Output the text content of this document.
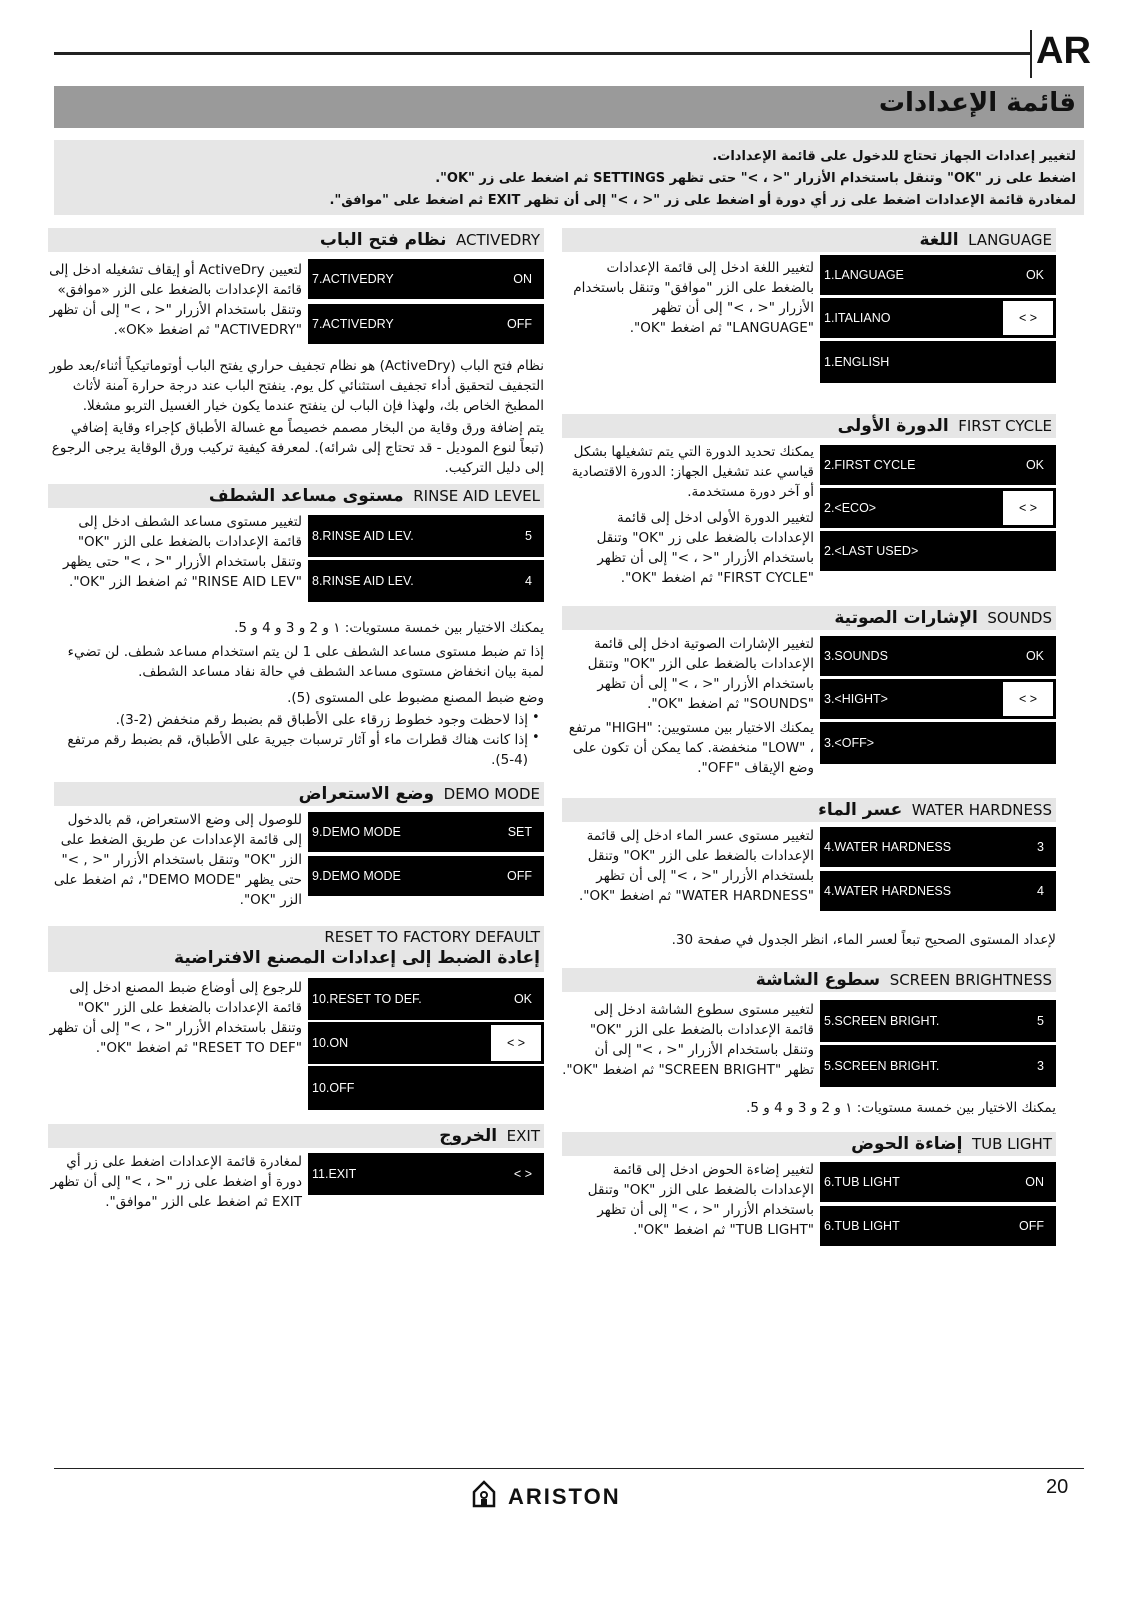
AR
قائمة الإعدادات
لتغيير إعدادات الجهاز تحتاج للدخول على قائمة الإعدادات.
اضغط على زر "OK" وتنقل باستخدام الأزرار "< ، >" حتى تظهر SETTINGS ثم اضغط على زر "OK".
لمغادرة قائمة الإعدادات اضغط على زر أي دورة أو اضغط على زر "< ، >" إلى أن تظهر EXIT ثم اضغط على "موافق".
LANGUAGE  اللغة
لتغيير اللغة ادخل إلى قائمة الإعدادات بالضغط على الزر "موافق" وتنقل باستخدام الأزرار "< ، >" إلى أن تظهر "LANGUAGE" ثم اضغط "OK".
1.LANGUAGE	OK
1.ITALIANO	< >
1.ENGLISH
FIRST CYCLE  الدورة الأولى
يمكنك تحديد الدورة التي يتم تشغيلها بشكل قياسي عند تشغيل الجهاز: الدورة الاقتصادية أو آخر دورة مستخدمة.
لتغيير الدورة الأولى ادخل إلى قائمة الإعدادات بالضغط على زر "OK" وتنقل باستخدام الأزرار "< ، >" إلى أن تظهر "FIRST CYCLE" ثم اضغط "OK".
2.FIRST CYCLE	OK
2.<ECO>	< >
2.<LAST USED>
SOUNDS  الإشارات الصوتية
لتغيير الإشارات الصوتية ادخل إلى قائمة الإعدادات بالضغط على الزر "OK" وتنقل باستخدام الأزرار "< ، >" إلى أن تظهر "SOUNDS" ثم اضغط "OK".
يمكنك الاختيار بين مستويين: "HIGH" مرتفع ، "LOW" منخفضة. كما يمكن أن تكون على وضع الإيقاف "OFF".
3.SOUNDS	OK
3.<HIGHT>	< >
3.<OFF>
WATER HARDNESS  عسر الماء
لتغيير مستوى عسر الماء ادخل إلى قائمة الإعدادات بالضغط على الزر "OK" وتنقل بلستخدام الأزرار "< ، >" إلى أن تظهر "WATER HARDNESS" ثم اضغط "OK".
4.WATER HARDNESS	3
4.WATER HARDNESS	4
لإعداد المستوى الصحيح تبعاً لعسر الماء، انظر الجدول في صفحة 30.
SCREEN BRIGHTNESS  سطوع الشاشة
لتغيير مستوى سطوع الشاشة ادخل إلى قائمة الإعدادات بالضغط على الزر "OK" وتنقل باستخدام الأزرار "< ، >" إلى أن تظهر "SCREEN BRIGHT" ثم اضغط "OK".
5.SCREEN BRIGHT.	5
5.SCREEN BRIGHT.	3
يمكنك الاختيار بين خمسة مستويات: ١ و 2 و 3 و 4 و 5.
TUB LIGHT  إضاءة الحوض
لتغيير إضاءة الحوض ادخل إلى قائمة الإعدادات بالضغط على الزر "OK" وتنقل باستخدام الأزرار "< ، >" إلى أن تظهر "TUB LIGHT" ثم اضغط "OK".
6.TUB LIGHT	ON
6.TUB LIGHT	OFF
ACTIVEDRY  نظام فتح الباب
لتعيين ActiveDry أو إيقاف تشغيله ادخل إلى قائمة الإعدادات بالضغط على الزر «موافق» وتنقل باستخدام الأزرار "< ، >" إلى أن تظهر "ACTIVEDRY" ثم اضغط «OK».
7.ACTIVEDRY	ON
7.ACTIVEDRY	OFF
نظام فتح الباب (ActiveDry) هو نظام تجفيف حراري يفتح الباب أوتوماتيكياً أثناء/بعد طور التجفيف لتحقيق أداء تجفيف استثنائي كل يوم. ينفتح الباب عند درجة حرارة آمنة لأثاث المطبخ الخاص بك، ولهذا فإن الباب لن ينفتح عندما يكون خيار الغسيل التربو مشغلا.
يتم إضافة ورق وقاية من البخار مصمم خصيصاً مع غسالة الأطباق كإجراء وقاية إضافي (تبعاً لنوع الموديل - قد تحتاج إلى شرائه). لمعرفة كيفية تركيب ورق الوقاية يرجى الرجوع إلى دليل التركيب.
RINSE AID LEVEL  مستوى مساعد الشطف
لتغيير مستوى مساعد الشطف ادخل إلى قائمة الإعدادات بالضغط على الزر "OK" وتنقل باستخدام الأزرار "< ، >" حتى يظهر "RINSE AID LEV" ثم اضغط الزر "OK".
8.RINSE AID LEV.	5
8.RINSE AID LEV.	4
يمكنك الاختيار بين خمسة مستويات: ١ و 2 و 3 و 4 و 5.
إذا تم ضبط مستوى مساعد الشطف على 1 لن يتم استخدام مساعد شطف. لن تضيء لمبة بيان انخفاض مستوى مساعد الشطف في حالة نفاد مساعد الشطف.
وضع ضبط المصنع مضبوط على المستوى (5).
إذا لاحظت وجود خطوط زرقاء على الأطباق قم بضبط رقم منخفض (2-3). •
إذا كانت هناك قطرات ماء أو آثار ترسبات جيرية على الأطباق، قم بضبط رقم مرتفع (4-5).
•
DEMO MODE  وضع الاستعراض
للوصول إلى وضع الاستعراض، قم بالدخول إلى قائمة الإعدادات عن طريق الضغط على الزر "OK" وتنقل باستخدام الأزرار "< , >" حتى يظهر "DEMO MODE"، ثم اضغط على الزر "OK".
9.DEMO MODE	SET
9.DEMO MODE	OFF
RESET TO FACTORY DEFAULT
إعادة الضبط إلى إعدادات المصنع الافتراضية
للرجوع إلى أوضاع ضبط المصنع ادخل إلى قائمة الإعدادات بالضغط على الزر "OK" وتنقل باستخدام الأزرار "< ، >" إلى أن تظهر "RESET TO DEF" ثم اضغط "OK".
10.RESET TO DEF.	OK
10.ON	< >
10.OFF
EXIT  الخروج
لمغادرة قائمة الإعدادات اضغط على زر أي دورة أو اضغط على زر "< ، >" إلى أن تظهر EXIT ثم اضغط على الزر "موافق".
11.EXIT	< >
ARISTON	20
